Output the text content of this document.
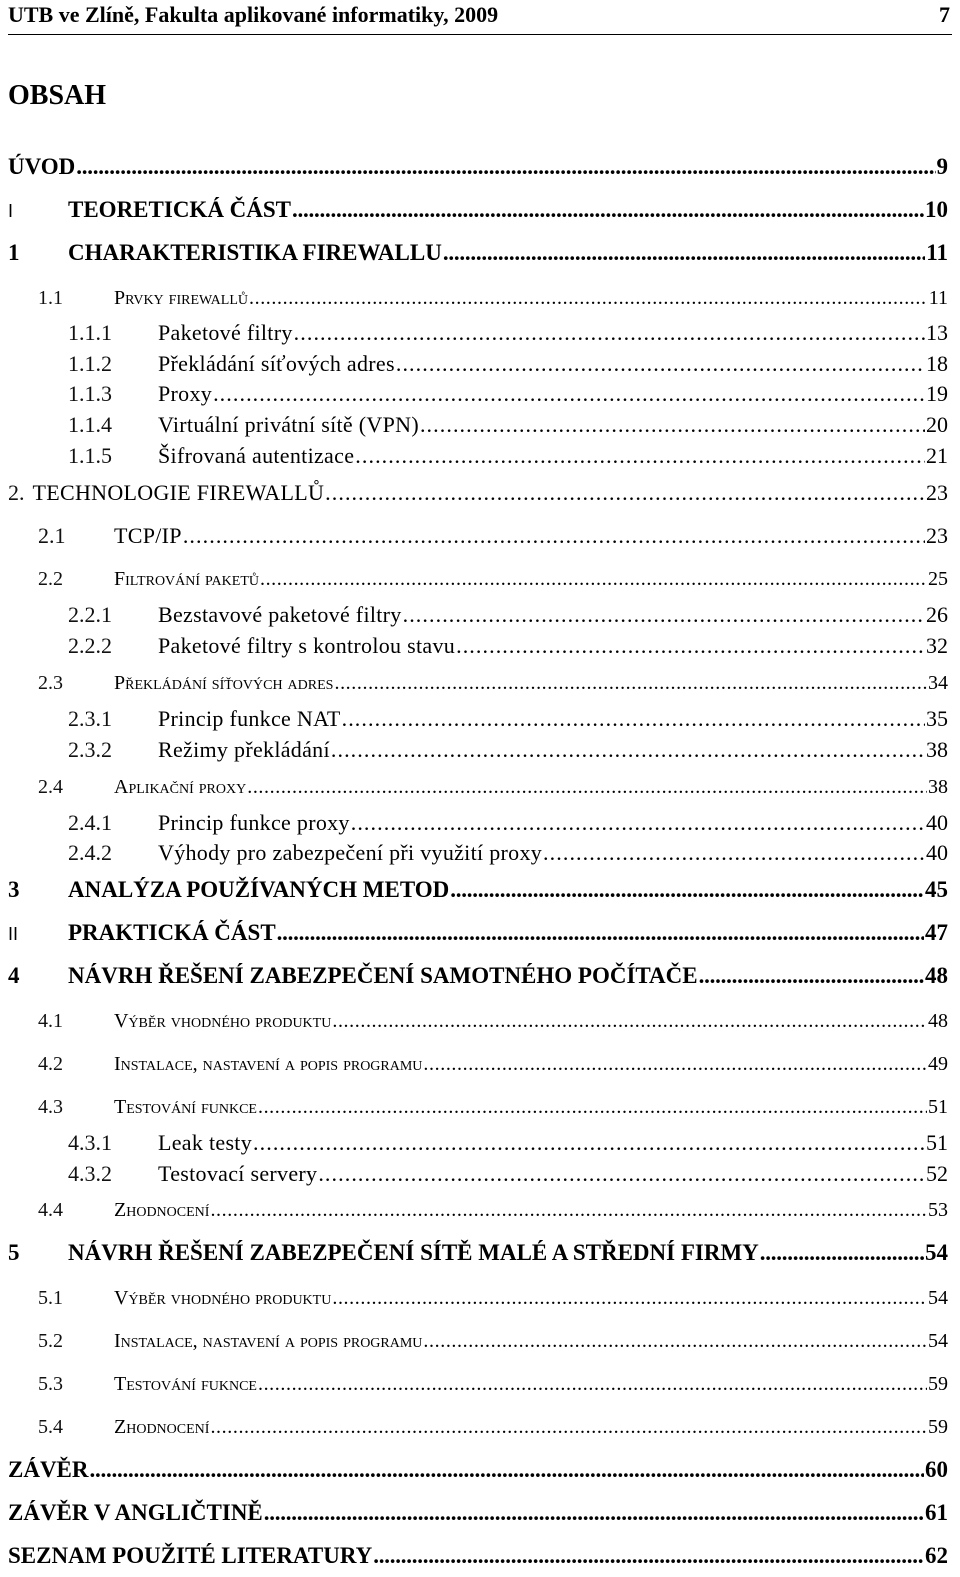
UTB ve Zlíně, Fakulta aplikované informatiky, 2009	7
OBSAH
ÚVOD . . .	9
I	TEORETICKÁ ČÁST . . .	10
1	CHARAKTERISTIKA FIREWALLU . . .	11
1.1	Prvky firewallů . . .	11
1.1.1	Paketové filtry . . .	13
1.1.2	Překládání síťových adres . . .	18
1.1.3	Proxy . . .	19
1.1.4	Virtuální privátní sítě (VPN) . . .	20
1.1.5	Šifrovaná autentizace . . .	21
2. TECHNOLOGIE FIREWALLŮ . . .	23
2.1	TCP/IP . . .	23
2.2	Filtrování paketů . . .	25
2.2.1	Bezstavové paketové filtry . . .	26
2.2.2	Paketové filtry s kontrolou stavu . . .	32
2.3	Překládání síťových adres . . .	34
2.3.1	Princip funkce NAT . . .	35
2.3.2	Režimy překládání . . .	38
2.4	Aplikační proxy . . .	38
2.4.1	Princip funkce proxy . . .	40
2.4.2	Výhody pro zabezpečení při využití proxy . . .	40
3	ANALÝZA POUŽÍVANÝCH METOD . . .	45
II	PRAKTICKÁ ČÁST . . .	47
4	NÁVRH ŘEŠENÍ ZABEZPEČENÍ SAMOTNÉHO POČÍTAČE . . .	48
4.1	Výběr vhodného produktu . . .	48
4.2	Instalace, nastavení a popis programu . . .	49
4.3	Testování funkce . . .	51
4.3.1	Leak testy . . .	51
4.3.2	Testovací servery . . .	52
4.4	Zhodnocení . . .	53
5	NÁVRH ŘEŠENÍ ZABEZPEČENÍ SÍTĚ MALÉ A STŘEDNÍ FIRMY . . .	54
5.1	Výběr vhodného produktu . . .	54
5.2	Instalace, nastavení a popis programu . . .	54
5.3	Testování fuknce . . .	59
5.4	Zhodnocení . . .	59
ZÁVĚR . . .	60
ZÁVĚR V ANGLIČTINĚ . . .	61
SEZNAM POUŽITÉ LITERATURY . . .	62
